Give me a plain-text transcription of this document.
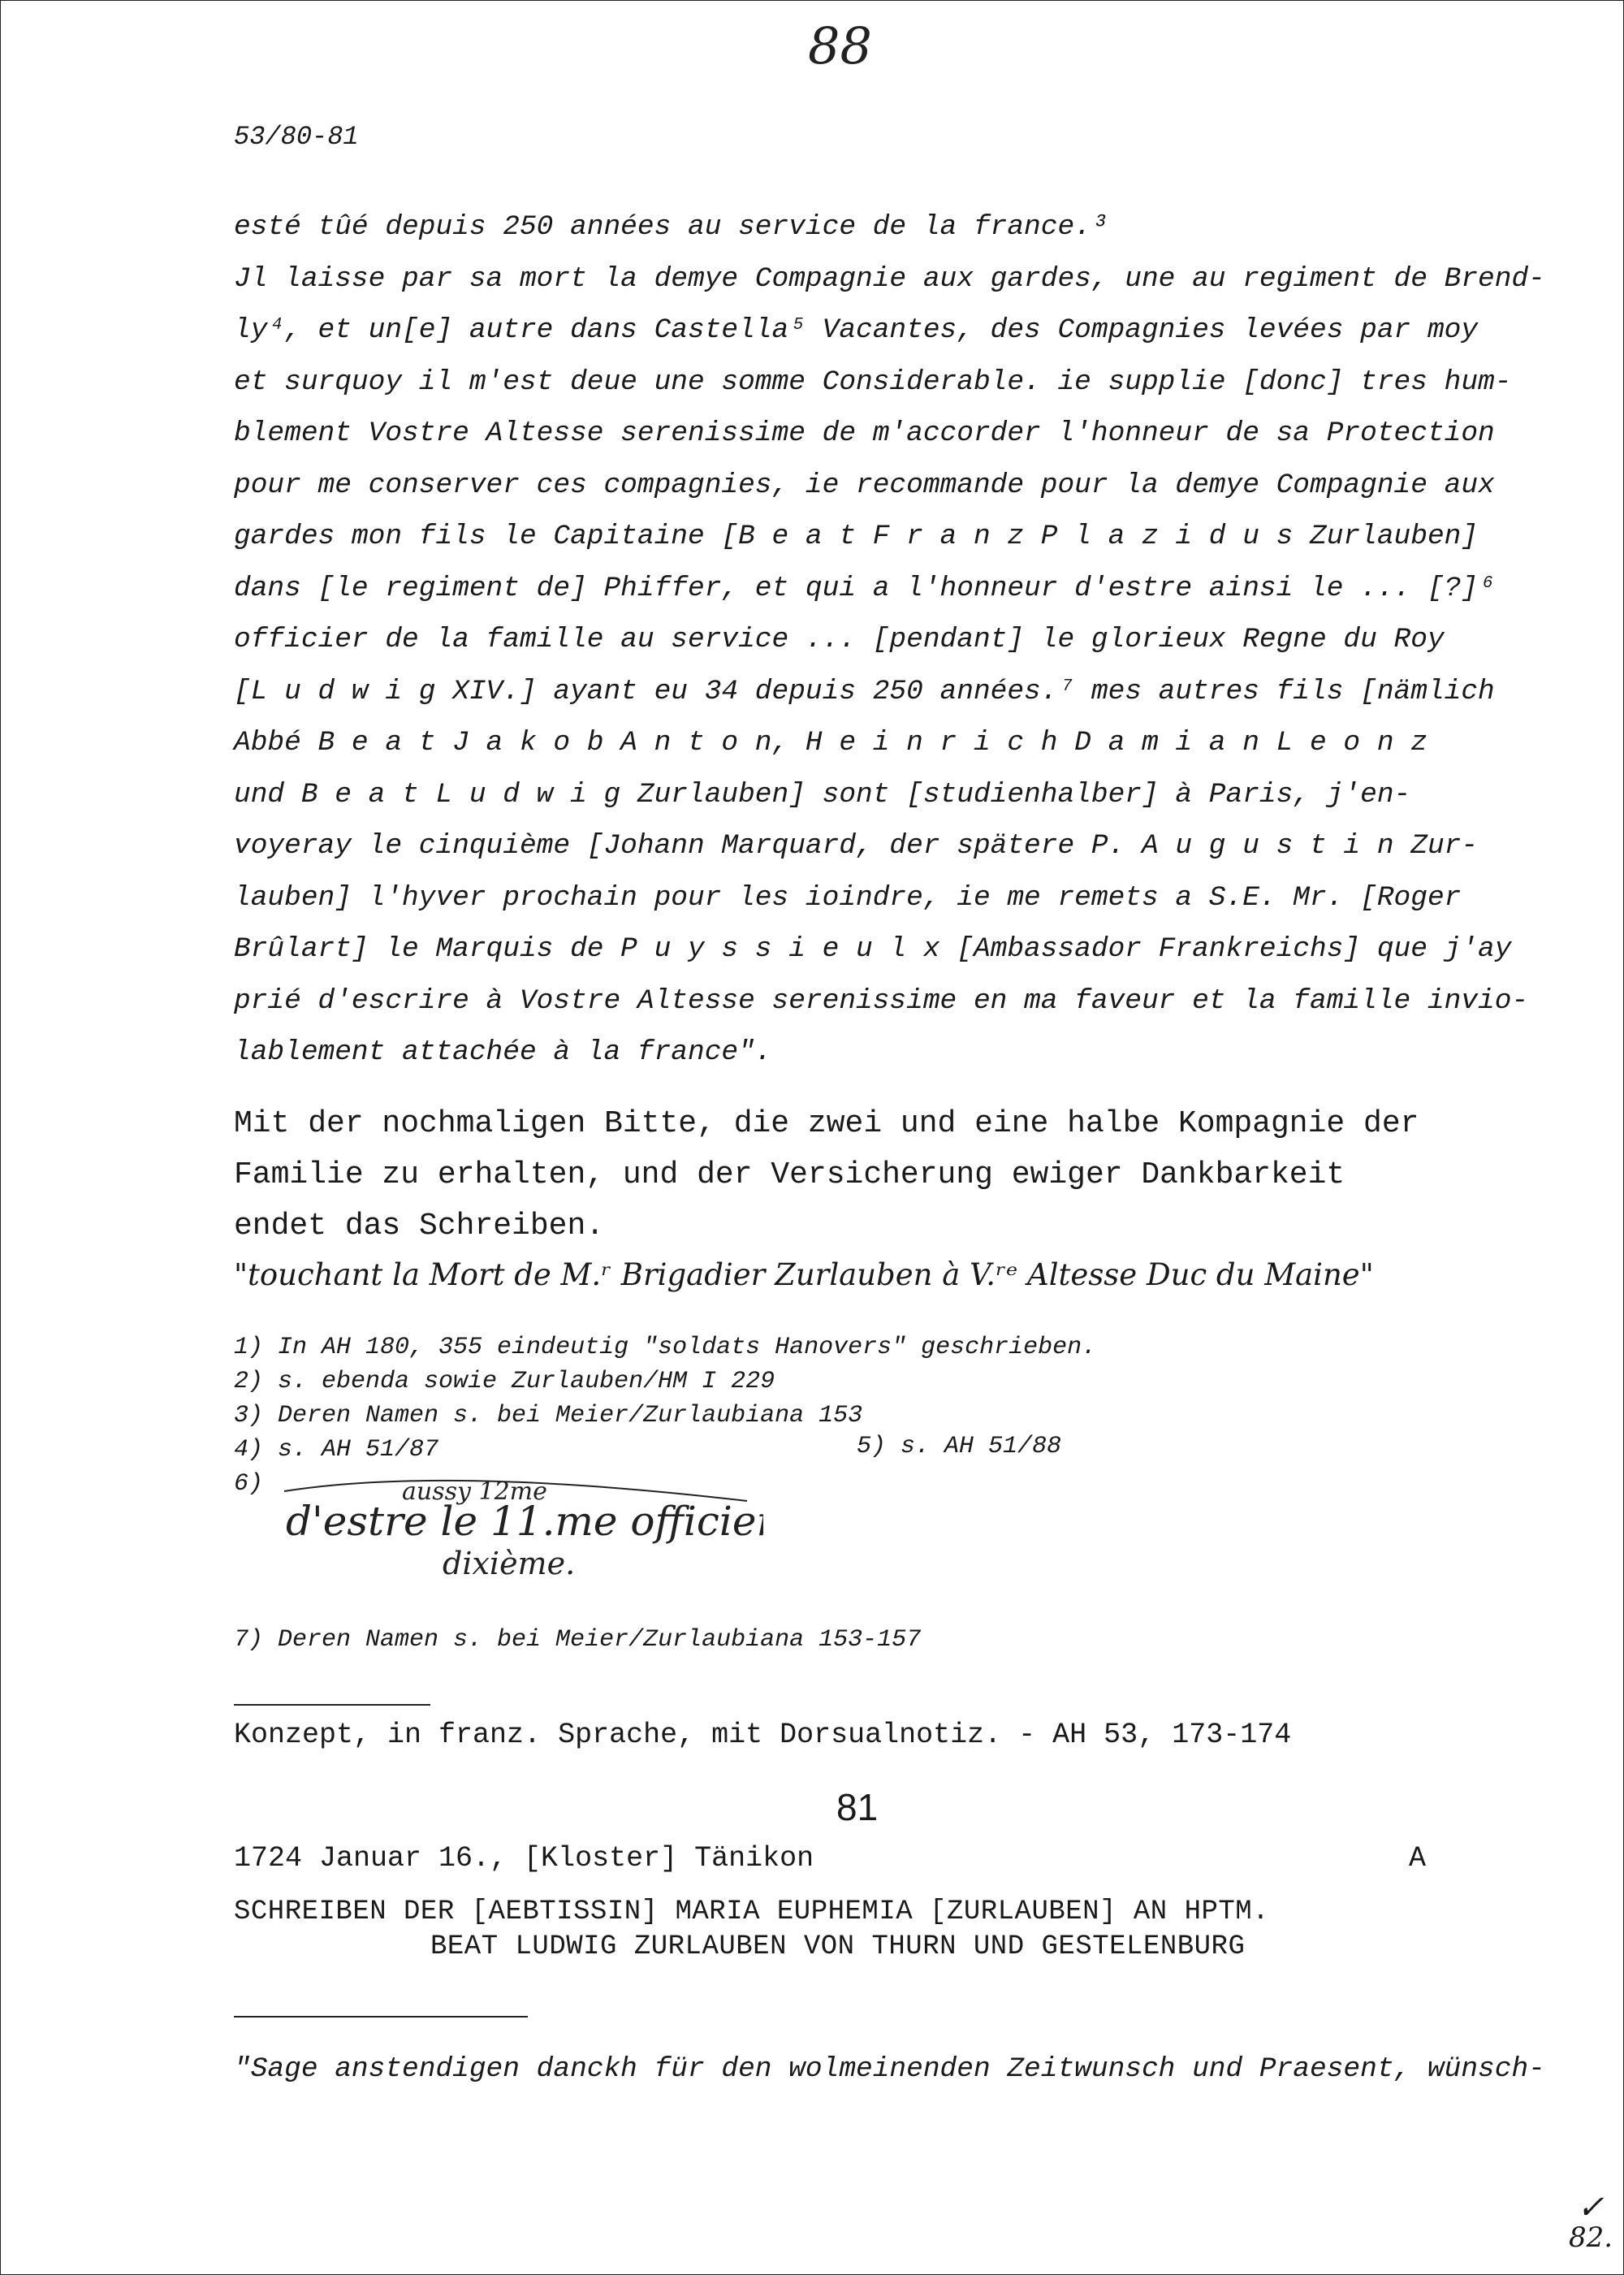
88
53/80-81
esté tûé depuis 250 années au service de la france.³
Jl laisse par sa mort la demye Compagnie aux gardes, une au regiment de Brend-
ly⁴, et un[e] autre dans Castella⁵ Vacantes, des Compagnies levées par moy
et surquoy il m'est deue une somme Considerable. ie supplie [donc] tres hum-
blement Vostre Altesse serenissime de m'accorder l'honneur de sa Protection
pour me conserver ces compagnies, ie recommande pour la demye Compagnie aux
gardes mon fils le Capitaine [B e a t F r a n z P l a z i d u s Zurlauben]
dans [le regiment de] Phiffer, et qui a l'honneur d'estre ainsi le ... [?]⁶
officier de la famille au service ... [pendant] le glorieux Regne du Roy
[L u d w i g XIV.] ayant eu 34 depuis 250 années.⁷ mes autres fils [nämlich
Abbé B e a t J a k o b A n t o n, H e i n r i c h D a m i a n L e o n z
und B e a t L u d w i g Zurlauben] sont [studienhalber] à Paris, j'en-
voyeray le cinquième [Johann Marquard, der spätere P. A u g u s t i n Zur-
lauben] l'hyver prochain pour les ioindre, ie me remets a S.E. Mr. [Roger
Brûlart] le Marquis de P u y s s i e u l x [Ambassador Frankreichs] que j'ay
prié d'escrire à Vostre Altesse serenissime en ma faveur et la famille invio-
lablement attachée à la france".
Mit der nochmaligen Bitte, die zwei und eine halbe Kompagnie der
Familie zu erhalten, und der Versicherung ewiger Dankbarkeit
endet das Schreiben.
"touchant la Mort de M.ʳ Brigadier Zurlauben à V.ʳᵉ Altesse Duc du Maine"
1) In AH 180, 355 eindeutig "soldats Hanovers" geschrieben.
2) s. ebenda sowie Zurlauben/HM I 229
3) Deren Namen s. bei Meier/Zurlaubiana 153
4) s. AH 51/87	5) s. AH 51/88
6)
d'estre le 11.me officier
aussy 12me
dixième.
7) Deren Namen s. bei Meier/Zurlaubiana 153-157
Konzept, in franz. Sprache, mit Dorsualnotiz. - AH 53, 173-174
81
1724 Januar 16., [Kloster] Tänikon	A
SCHREIBEN DER [AEBTISSIN] MARIA EUPHEMIA [ZURLAUBEN] AN HPTM.
BEAT LUDWIG ZURLAUBEN VON THURN UND GESTELENBURG
"Sage anstendigen danckh für den wolmeinenden Zeitwunsch und Praesent, wünsch-
✓
82.
